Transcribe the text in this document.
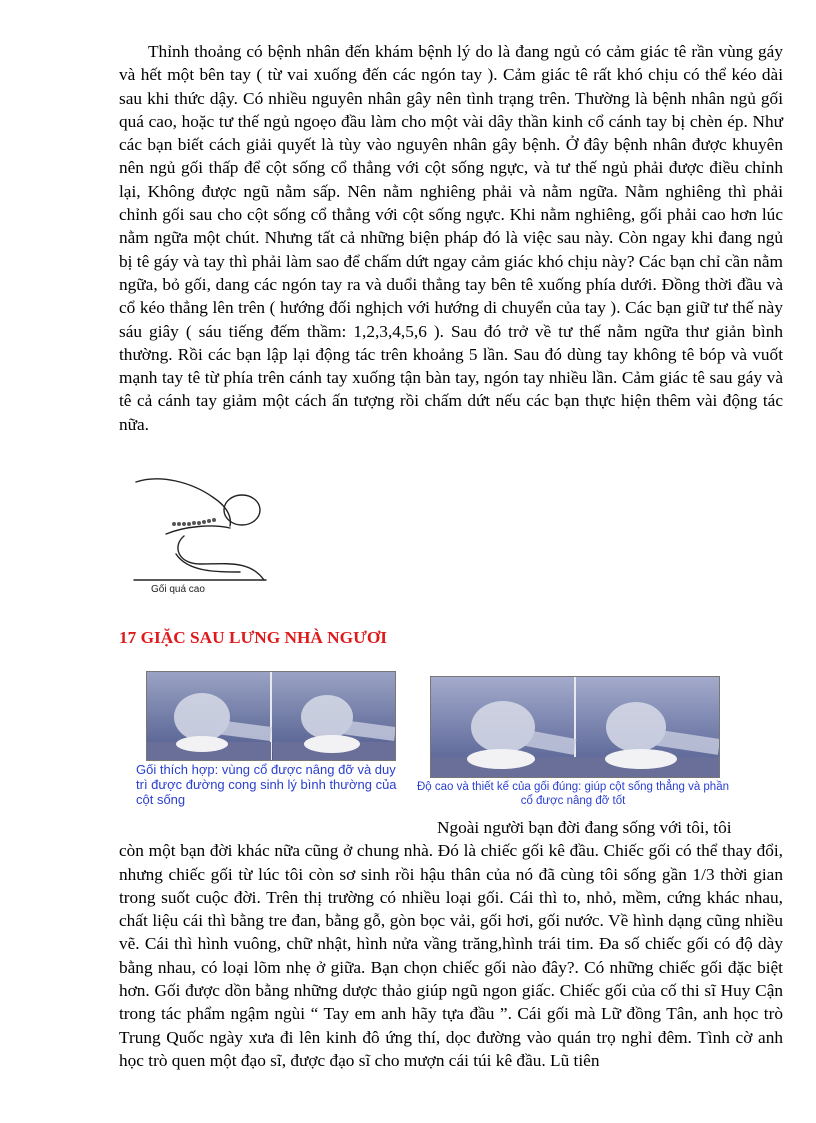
Thỉnh thoảng có bệnh nhân đến khám bệnh lý do là đang ngủ có cảm giác tê rần vùng gáy và hết một bên tay ( từ vai xuống đến các ngón tay ). Cảm giác tê rất khó chịu có thể kéo dài sau khi thức dậy. Có nhiều nguyên nhân gây nên tình trạng trên. Thường là bệnh nhân ngủ gối quá cao, hoặc tư thế ngủ ngoẹo đầu làm cho một vài dây thần kinh cổ cánh tay bị chèn ép. Như các bạn biết cách giải quyết là tùy vào nguyên nhân gây bệnh. Ở đây bệnh nhân được khuyên nên ngủ gối thấp để cột sống cổ thẳng với cột sống ngực, và tư thế ngủ phải được điều chỉnh lại, Không được ngũ nằm sấp. Nên nằm nghiêng phải và nằm ngữa. Nằm nghiêng thì phải chỉnh gối sau cho cột sống cổ thẳng với cột sống ngực. Khi nằm nghiêng, gối phải cao hơn lúc nằm ngữa một chút. Nhưng tất cả những biện pháp đó là việc sau này. Còn ngay khi đang ngủ bị tê gáy và tay thì phải làm sao để chấm dứt ngay cảm giác khó chịu này? Các bạn chỉ cần nằm ngữa, bỏ gối, dang các ngón tay ra và duổi thẳng tay bên tê xuống phía dưới. Đồng thời đầu và cổ kéo thẳng lên trên ( hướng đối nghịch với hướng di chuyển của tay ). Các bạn giữ tư thế này sáu giây ( sáu tiếng đếm thầm: 1,2,3,4,5,6 ). Sau đó trở về tư thế nằm ngữa thư giản bình thường. Rồi các bạn lập lại động tác trên khoảng 5 lần. Sau đó dùng tay không tê bóp và vuốt mạnh tay tê từ phía trên cánh tay xuống tận bàn tay, ngón tay nhiều lần. Cảm giác tê sau gáy và tê cả cánh tay giảm một cách ấn tượng rồi chấm dứt nếu các bạn thực hiện thêm vài động tác nữa.

Gối quá cao
17 GIẶC SAU LƯNG NHÀ NGƯƠI
Gối thích hợp: vùng cổ được nâng đỡ và duy trì được đường cong sinh lý bình thường của cột sống
Độ cao và thiết kế của gối đúng: giúp cột sống thẳng và phần cổ được nâng đỡ tốt

Ngoài người bạn đời đang sống với tôi, tôi
còn một bạn đời khác nữa cũng ở chung nhà. Đó là chiếc gối kê đầu. Chiếc gối có thể thay đổi, nhưng chiếc gối từ lúc tôi còn sơ sinh rồi hậu thân của nó đã cùng tôi sống gần 1/3 thời gian trong suốt cuộc đời. Trên thị trường có nhiều loại gối. Cái thì to, nhỏ, mềm, cứng khác nhau, chất liệu cái thì bằng tre đan, bằng gỗ, gòn bọc vải, gối hơi, gối nước. Về hình dạng cũng nhiều vẽ. Cái thì hình vuông, chữ nhật, hình nửa vầng trăng,hình trái tim. Đa số chiếc gối có độ dày bằng nhau, có loại lõm nhẹ ở giữa. Bạn chọn chiếc gối nào đây?. Có những chiếc gối đặc biệt hơn. Gối được dồn bằng những dược thảo giúp ngũ ngon giấc. Chiếc gối của cố thi sĩ Huy Cận trong tác phẩm ngậm ngùi “ Tay em anh hãy tựa đầu ”. Cái gối mà Lữ đồng Tân, anh học trò Trung Quốc ngày xưa đi lên kinh đô ứng thí, dọc đường vào quán trọ nghỉ đêm. Tình cờ anh học trò quen một đạo sĩ, được đạo sĩ cho mượn cái túi kê đầu. Lũ tiên
